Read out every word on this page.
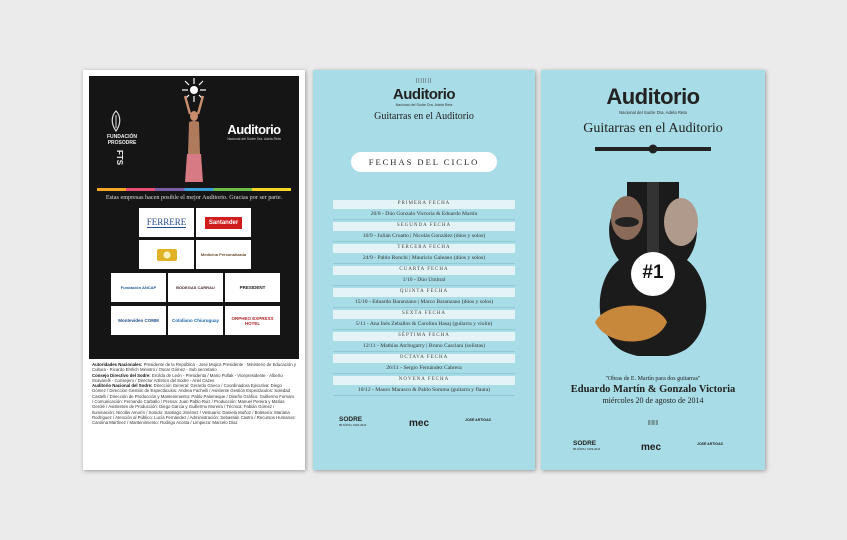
FUNDACIÓN PROSODRE
FTS
Auditorio
Nacional del Sodre Dra. Adela Reta
Estas empresas hacen posible el mejor Auditorio. Gracias por ser parte.
FERRERE	Santander
Medicina Personalizada
Fundación ANCAP	BODEGAS CARRAU	PRESIDENT
Montevideo COMM	Cotidiano Chiuruguay	ORPHEO EXPRESS HOTEL
Autoridades Nacionales: Presidente de la República - José Mujica Presidente · Ministerio de Educación y Cultura - Ricardo Ehrlich Ministro / Oscar Gómez - Sub secretario
Consejo Directivo del Sodre: Ercilda de León - Presidenta / Mario Pollak - Vicepresidente · Alberto Scavarelli - Consejero / Director Artístico del Sodre - Ariel Cazes
Auditorio Nacional del Sodre: Dirección General: Gerardo Grieco / Coordinadora Ejecutiva: Diego Gómez / Dirección Gestión de Espectáculos: Andrea Fachelli / Asistente Gestión Espectáculos: Soledad Castelli / Dirección de Producción y Mantenimiento: Pablo Palomeque / Diseño Gráfico: Guillermo Fornaro / Comunicación: Fernando Carballo / Prensa: Juan Pablo Ruiz / Producción: Manuel Pereira y Matías Gerolé / Asistentes de Producción: Diego Garcia y Guillermo Moreira / Técnica: Fabián Gómez / Iluminación: Nicolás Amorín / Sonido: Santiago Jiménez / Vestuario: Daniela Muñoz / Boletería: Mariana Rodríguez / Atención al Público: Lucía Fernández / Administración: Sebastián Castro / Recursos Humanos: Carolina Martínez / Mantenimiento: Rodrigo Acosta / Limpieza: Marcelo Díaz
|||||||
Auditorio
Nacional del Sodre Dra. Adela Reta
Guitarras en el Auditorio
FECHAS DEL CICLO
PRIMERA FECHA
20/8 - Dúo Gonzalo Victoria & Eduardo Martín
SEGUNDA FECHA
10/9 - Julián Croatto | Nicolás González (dúos y solos)
TERCERA FECHA
24/9 - Pablo Ronchi | Mauricio Galeano (dúos y solos)
CUARTA FECHA
1/10 - Dúo Umbral
QUINTA FECHA
15/10 - Eduardo Baranzano | Marco Baranzano (dúos y solos)
SEXTA FECHA
5/11 - Ana Inés Zeballos & Carolina Hasaj (guitarra y violín)
SÉPTIMA FECHA
12/11 - Mathías Atchugarry | Bruno Casciani (solistas)
OCTAVA FECHA
26/11 - Sergio Fernández Cabrera
NOVENA FECHA
10/12 - Mauro Marasco & Pablo Somma (guitarra y flauta)
SODRE
85 AÑOS | 1929-2014	mec	JOSÉ ARTIGAS
Auditorio
Nacional del Sodre Dra. Adela Reta
Guitarras en el Auditorio
#1
"Obras de E. Martín para dos guitarras"
Eduardo Martín & Gonzalo Victoria
miércoles 20 de agosto de 2014
||||||||
SODRE
85 AÑOS | 1929-2014	mec	JOSÉ ARTIGAS
